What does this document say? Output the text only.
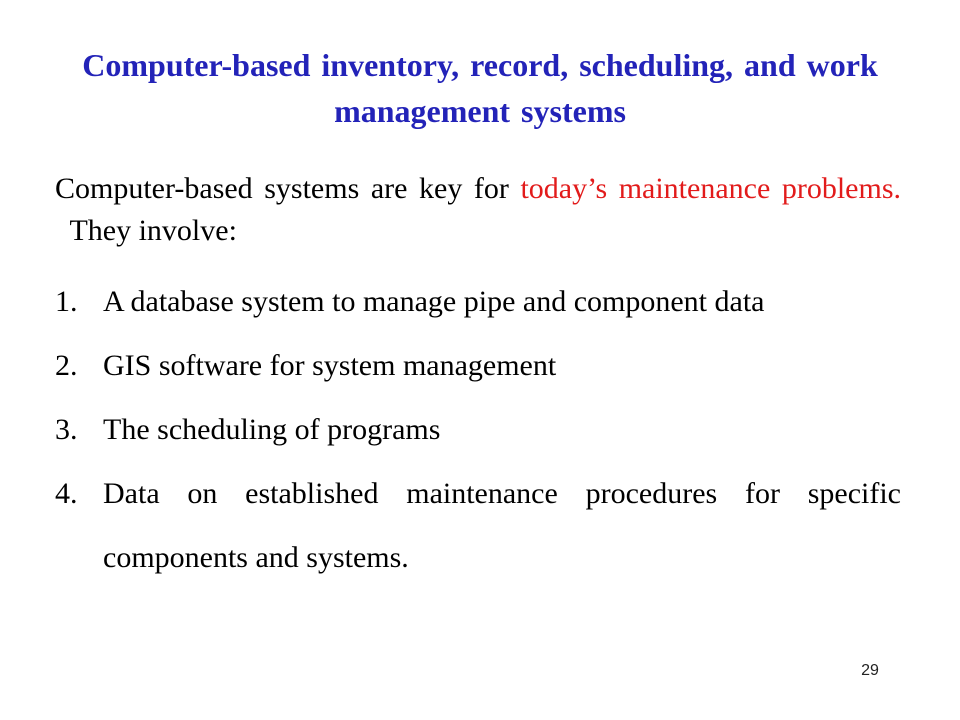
Computer-based inventory, record, scheduling, and work management systems
Computer-based systems are key for today’s maintenance problems.  They involve:
1. A database system to manage pipe and component data
2. GIS software for system management
3. The scheduling of programs
4. Data on established maintenance procedures for specific components and systems.
29
